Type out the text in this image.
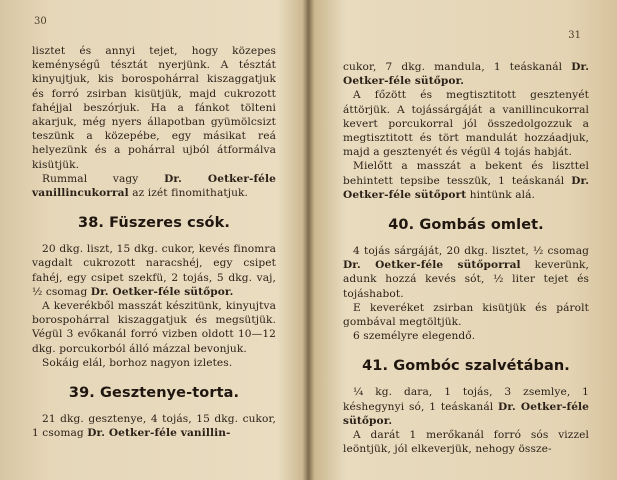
30

lisztet és annyi tejet, hogy közepes keménységű tésztát nyerjünk. A tésztát kinyujtjuk, kis borospohárral kiszaggatjuk és forró zsirban kisütjük, majd cukrozott fahéjjal beszórjuk. Ha a fánkot tölteni akarjuk, még nyers állapotban gyümölcsizt teszünk a közepébe, egy másikat reá helyezünk és a pohárral ujból átformálva kisütjük.

Rummal vagy Dr. Oetker-féle vanillincukorral az izét finomithatjuk.

38. Füszeres csók.

20 dkg. liszt, 15 dkg. cukor, kevés finomra vagdalt cukrozott naracshéj, egy csipet fahéj, egy csipet szekfü, 2 tojás, 5 dkg. vaj, ½ csomag Dr. Oetker-féle sütőpor.

A keverékből masszát készitünk, kinyujtva borospohárral kiszaggatjuk és megsütjük. Végül 3 evőkanál forró vizben oldott 10—12 dkg. porcukorból álló mázzal bevonjuk.

Sokáig elál, borhoz nagyon izletes.

39. Gesztenye-torta.

21 dkg. gesztenye, 4 tojás, 15 dkg. cukor, 1 csomag Dr. Oetker-féle vanillin-

31

cukor, 7 dkg. mandula, 1 teáskanál Dr. Oetker-féle sütőpor.

A főzött és megtisztitott gesztenyét áttörjük. A tojássárgáját a vanillincukorral kevert porcukorral jól összedolgozzuk a megtisztitott és tört mandulát hozzáadjuk, majd a gesztenyét és végül 4 tojás habját.

Mielőtt a masszát a bekent és liszttel behintett tepsibe tesszük, 1 teáskanál Dr. Oetker-féle sütőport hintünk alá.

40. Gombás omlet.

4 tojás sárgáját, 20 dkg. lisztet, ½ csomag Dr. Oetker-féle sütőporral keverünk, adunk hozzá kevés sót, ½ liter tejet és tojáshabot.

E keveréket zsirban kisütjük és párolt gombával megtöltjük.

6 személyre elegendő.

41. Gombóc szalvétában.

¼ kg. dara, 1 tojás, 3 zsemlye, 1 késhegynyi só, 1 teáskanál Dr. Oetker-féle sütőpor.

A darát 1 merőkanál forró sós vizzel leöntjük, jól elkeverjük, nehogy össze-
